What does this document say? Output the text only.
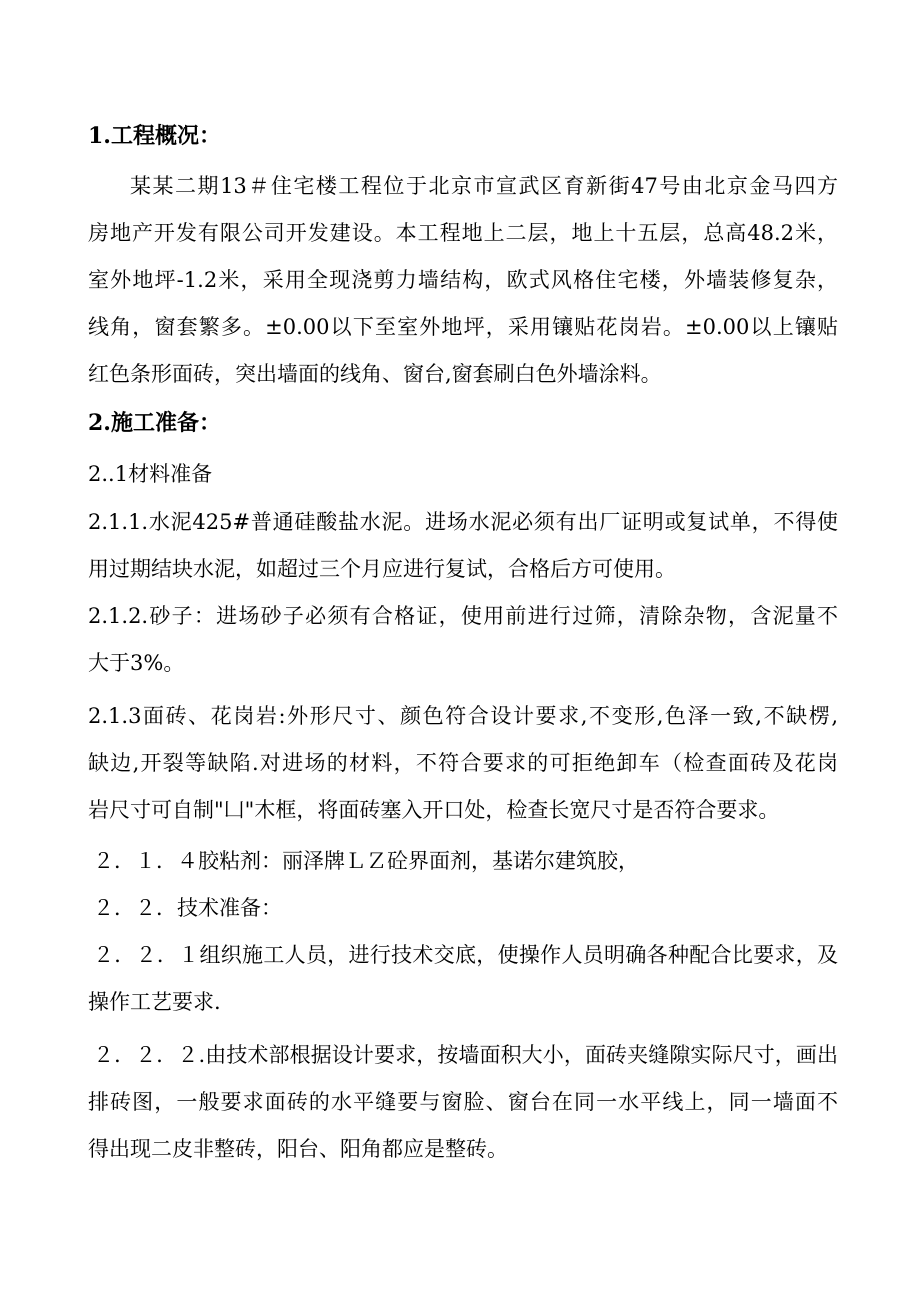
1.工程概况：
某某二期13＃住宅楼工程位于北京市宣武区育新街47号由北京金马四方
房地产开发有限公司开发建设。本工程地上二层，地上十五层，总高48.2米，
室外地坪-1.2米，采用全现浇剪力墙结构，欧式风格住宅楼，外墙装修复杂，
线角，窗套繁多。±0.00以下至室外地坪，采用镶贴花岗岩。±0.00以上镶贴
红色条形面砖，突出墙面的线角、窗台,窗套刷白色外墙涂料。
2.施工准备：
2..1材料准备
2.1.1.水泥425#普通硅酸盐水泥。进场水泥必须有出厂证明或复试单，不得使
用过期结块水泥，如超过三个月应进行复试，合格后方可使用。
2.1.2.砂子：进场砂子必须有合格证，使用前进行过筛，清除杂物，含泥量不
大于3%。
2.1.3面砖、花岗岩:外形尺寸、颜色符合设计要求,不变形,色泽一致,不缺楞,
缺边,开裂等缺陷.对进场的材料，不符合要求的可拒绝卸车（检查面砖及花岗
岩尺寸可自制"凵"木框，将面砖塞入开口处，检查长宽尺寸是否符合要求。
２．１．４胶粘剂：丽泽牌ＬＺ砼界面剂，基诺尔建筑胶，
２．２．技术准备：
２．２．１组织施工人员，进行技术交底，使操作人员明确各种配合比要求，及
操作工艺要求.
２．２．２.由技术部根据设计要求，按墙面积大小，面砖夹缝隙实际尺寸，画出
排砖图，一般要求面砖的水平缝要与窗脸、窗台在同一水平线上，同一墙面不
得出现二皮非整砖，阳台、阳角都应是整砖。
